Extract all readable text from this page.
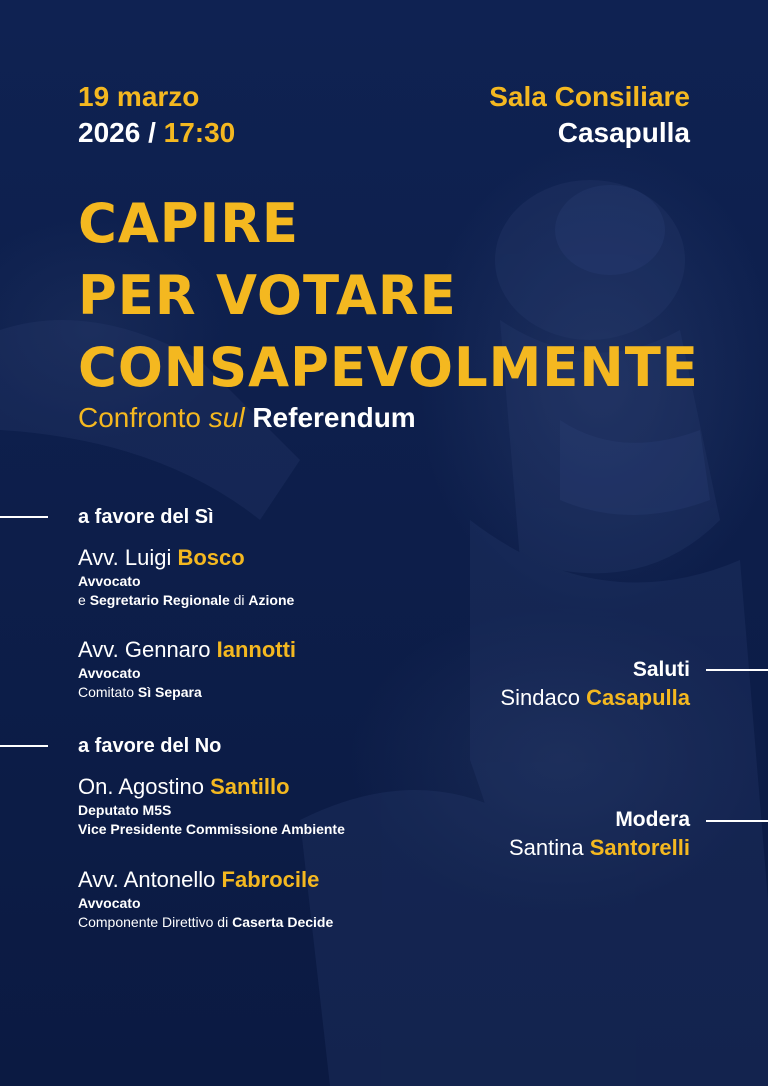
19 marzo
2026 / 17:30
Sala Consiliare
Casapulla
CAPIRE
PER VOTARE
CONSAPEVOLMENTE
Confronto sul Referendum
a favore del Sì
Avv. Luigi Bosco
Avvocato
e Segretario Regionale di Azione
Avv. Gennaro Iannotti
Avvocato
Comitato Sì Separa
a favore del No
On. Agostino Santillo
Deputato M5S
Vice Presidente Commissione Ambiente
Avv. Antonello Fabrocile
Avvocato
Componente Direttivo di Caserta Decide
Saluti
Sindaco Casapulla
Modera
Santina Santorelli
